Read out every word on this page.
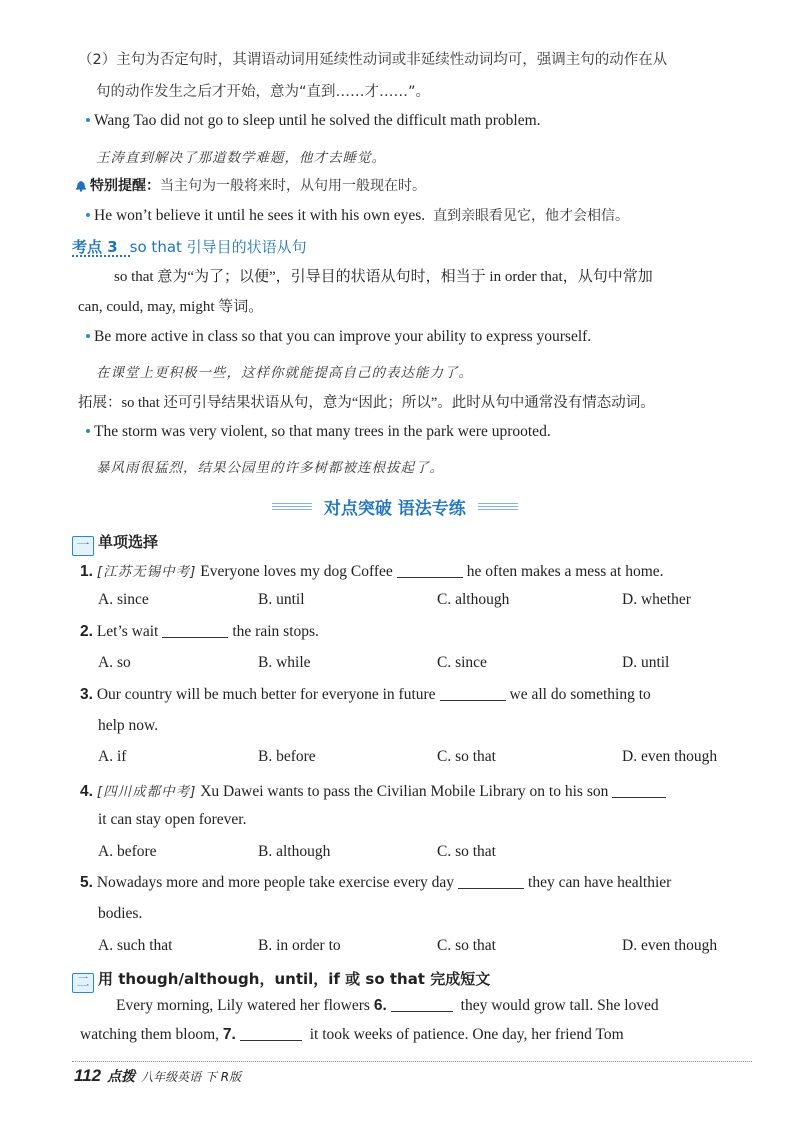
（2）主句为否定句时，其谓语动词用延续性动词或非延续性动词均可，强调主句的动作在从
句的动作发生之后才开始，意为“直到……才……”。
Wang Tao did not go to sleep until he solved the difficult math problem.
王涛直到解决了那道数学难题，他才去睡觉。
特别提醒：当主句为一般将来时，从句用一般现在时。
He won’t believe it until he sees it with his own eyes. 直到亲眼看见它，他才会相信。
考点 3 so that 引导目的状语从句
so that 意为“为了；以便”，引导目的状语从句时，相当于 in order that，从句中常加
can, could, may, might 等词。
Be more active in class so that you can improve your ability to express yourself.
在课堂上更积极一些，这样你就能提高自己的表达能力了。
拓展：so that 还可引导结果状语从句，意为“因此；所以”。此时从句中通常没有情态动词。
The storm was very violent, so that many trees in the park were uprooted.
暴风雨很猛烈，结果公园里的许多树都被连根拔起了。
对点突破 语法专练
一 单项选择
1. [江苏无锡中考] Everyone loves my dog Coffee	he often makes a mess at home.
A. since	B. until	C. although	D. whether
2. Let’s wait	the rain stops.
A. so	B. while	C. since	D. until
3. Our country will be much better for everyone in future	we all do something to
help now.
A. if	B. before	C. so that	D. even though
4. [四川成都中考] Xu Dawei wants to pass the Civilian Mobile Library on to his son
it can stay open forever.
A. before	B. although	C. so that
5. Nowadays more and more people take exercise every day	they can have healthier
bodies.
A. such that	B. in order to	C. so that	D. even though
二 用 though/although，until，if 或 so that 完成短文
Every morning, Lily watered her flowers 6.	they would grow tall. She loved
watching them bloom, 7.	it took weeks of patience. One day, her friend Tom
112 点拨 八年级英语 下 R版
